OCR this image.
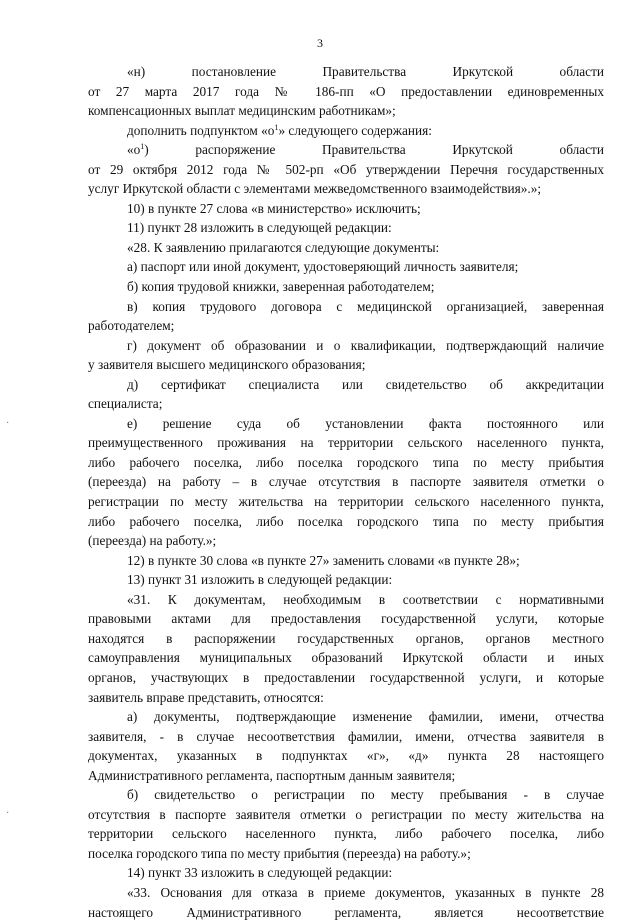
3
«н) постановление Правительства Иркутской области
от 27 марта 2017 года № 186-пп «О предоставлении единовременных
компенсационных выплат медицинским работникам»;
дополнить подпунктом «$о^1$» следующего содержания:
«$о^1$) распоряжение Правительства Иркутской области
от 29 октября 2012 года № 502-рп «Об утверждении Перечня государственных
услуг Иркутской области с элементами межведомственного взаимодействия».»;
10) в пункте 27 слова «в министерство» исключить;
11) пункт 28 изложить в следующей редакции:
«28. К заявлению прилагаются следующие документы:
а) паспорт или иной документ, удостоверяющий личность заявителя;
б) копия трудовой книжки, заверенная работодателем;
в) копия трудового договора с медицинской организацией, заверенная
работодателем;
г) документ об образовании и о квалификации, подтверждающий наличие
у заявителя высшего медицинского образования;
д) сертификат специалиста или свидетельство об аккредитации
специалиста;
е) решение суда об установлении факта постоянного или
преимущественного проживания на территории сельского населенного пункта,
либо рабочего поселка, либо поселка городского типа по месту прибытия
(переезда) на работу – в случае отсутствия в паспорте заявителя отметки о
регистрации по месту жительства на территории сельского населенного пункта,
либо рабочего поселка, либо поселка городского типа по месту прибытия
(переезда) на работу.»;
12) в пункте 30 слова «в пункте 27» заменить словами «в пункте 28»;
13) пункт 31 изложить в следующей редакции:
«31. К документам, необходимым в соответствии с нормативными
правовыми актами для предоставления государственной услуги, которые
находятся в распоряжении государственных органов, органов местного
самоуправления муниципальных образований Иркутской области и иных
органов, участвующих в предоставлении государственной услуги, и которые
заявитель вправе представить, относятся:
а) документы, подтверждающие изменение фамилии, имени, отчества
заявителя, - в случае несоответствия фамилии, имени, отчества заявителя в
документах, указанных в подпунктах «г», «д» пункта 28 настоящего
Административного регламента, паспортным данным заявителя;
б) свидетельство о регистрации по месту пребывания - в случае
отсутствия в паспорте заявителя отметки о регистрации по месту жительства на
территории сельского населенного пункта, либо рабочего поселка, либо
поселка городского типа по месту прибытия (переезда) на работу.»;
14) пункт 33 изложить в следующей редакции:
«33. Основания для отказа в приеме документов, указанных в пункте 28
настоящего Административного регламента, является несоответствие
·
·
